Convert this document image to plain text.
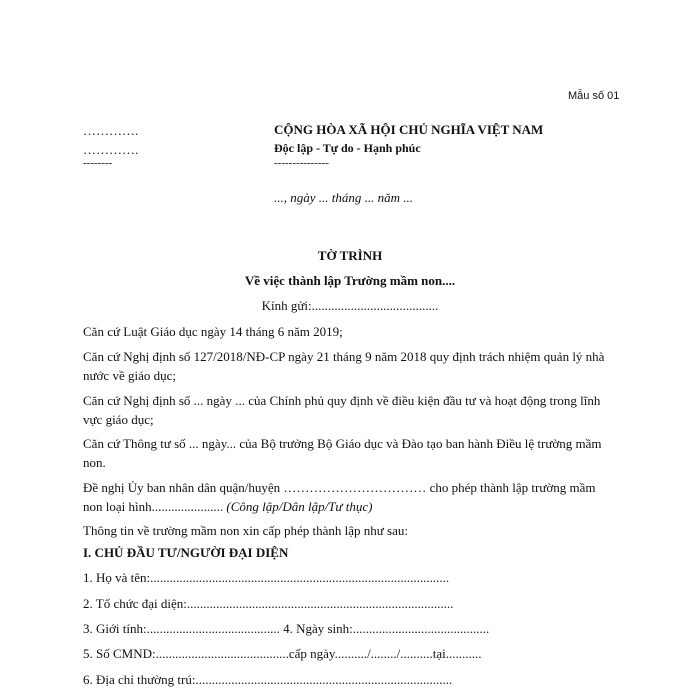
Mẫu số 01
………….
………….
--------
CỘNG HÒA XÃ HỘI CHỦ NGHĨA VIỆT NAM
Độc lập - Tự do - Hạnh phúc
---------------
..., ngày ... tháng ... năm ...
TỜ TRÌNH
Về việc thành lập Trường mầm non....
Kính gửi:.......................................
Căn cứ Luật Giáo dục ngày 14 tháng 6 năm 2019;
Căn cứ Nghị định số 127/2018/NĐ-CP ngày 21 tháng 9 năm 2018 quy định trách nhiệm quản lý nhà nước về giáo dục;
Căn cứ Nghị định số ... ngày ... của Chính phủ quy định về điều kiện đầu tư và hoạt động trong lĩnh vực giáo dục;
Căn cứ Thông tư số ... ngày... của Bộ trưởng Bộ Giáo dục và Đào tạo ban hành Điều lệ trường mầm non.
Đề nghị Ủy ban nhân dân quận/huyện …………………………… cho phép thành lập trường mầm non loại hình...................... (Công lập/Dân lập/Tư thục)
Thông tin về trường mầm non xin cấp phép thành lập như sau:
I. CHỦ ĐẦU TƯ/NGƯỜI ĐẠI DIỆN
1. Họ và tên:............................................................................................
2. Tổ chức đại diện:..................................................................................
3. Giới tính:......................................... 4. Ngày sinh:..........................................
5. Số CMND:.........................................cấp ngày........../......../..........tại...........
6. Địa chỉ thường trú:...............................................................................
